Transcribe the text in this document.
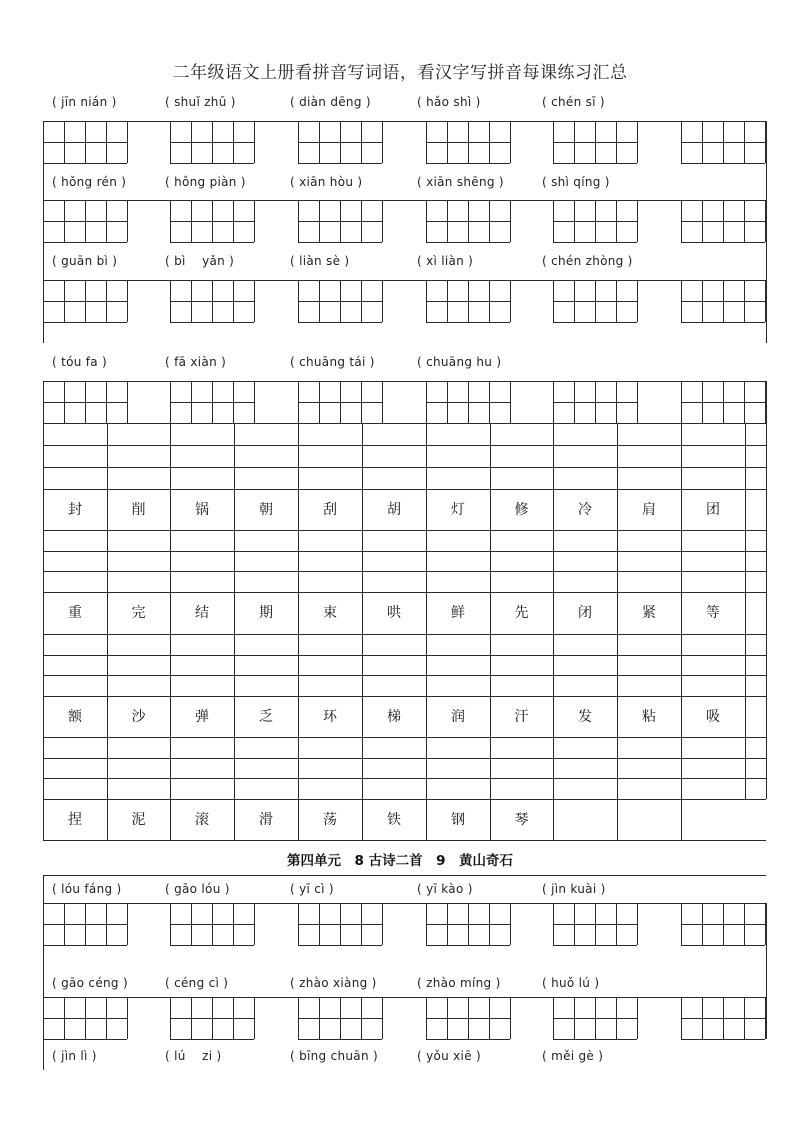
二年级语文上册看拼音写词语，看汉字写拼音每课练习汇总
( jīn nián )	( shuǐ zhū )	( diàn dēng )	( hǎo shì )	( chén sī )
( hǒng rén )	( hǒng piàn )	( xiān hòu )	( xiān shēng )	( shì qíng )
( guān bì )	( bì    yǎn )	( liàn sè )	( xì liàn )	( chén zhòng )
( tóu fa )	( fā xiàn )	( chuāng tái )	( chuāng hu )
封	削	锅	朝	刮	胡	灯	修	冷	肩	团
重	完	结	期	束	哄	鲜	先	闭	紧	等
额	沙	弹	乏	环	梯	润	汗	发	粘	吸
捏	泥	滚	滑	荡	铁	钢	琴
( lóu fáng )	( gāo lóu )	( yī cì )	( yī kào )	( jìn kuài )
( gāo céng )	( céng cì )	( zhào xiàng )	( zhào míng )	( huǒ lú )
( jìn lì )	( lú    zi )	( bīng chuān )	( yǒu xiē )	( měi gè )
第四单元　8 古诗二首　9　黄山奇石
